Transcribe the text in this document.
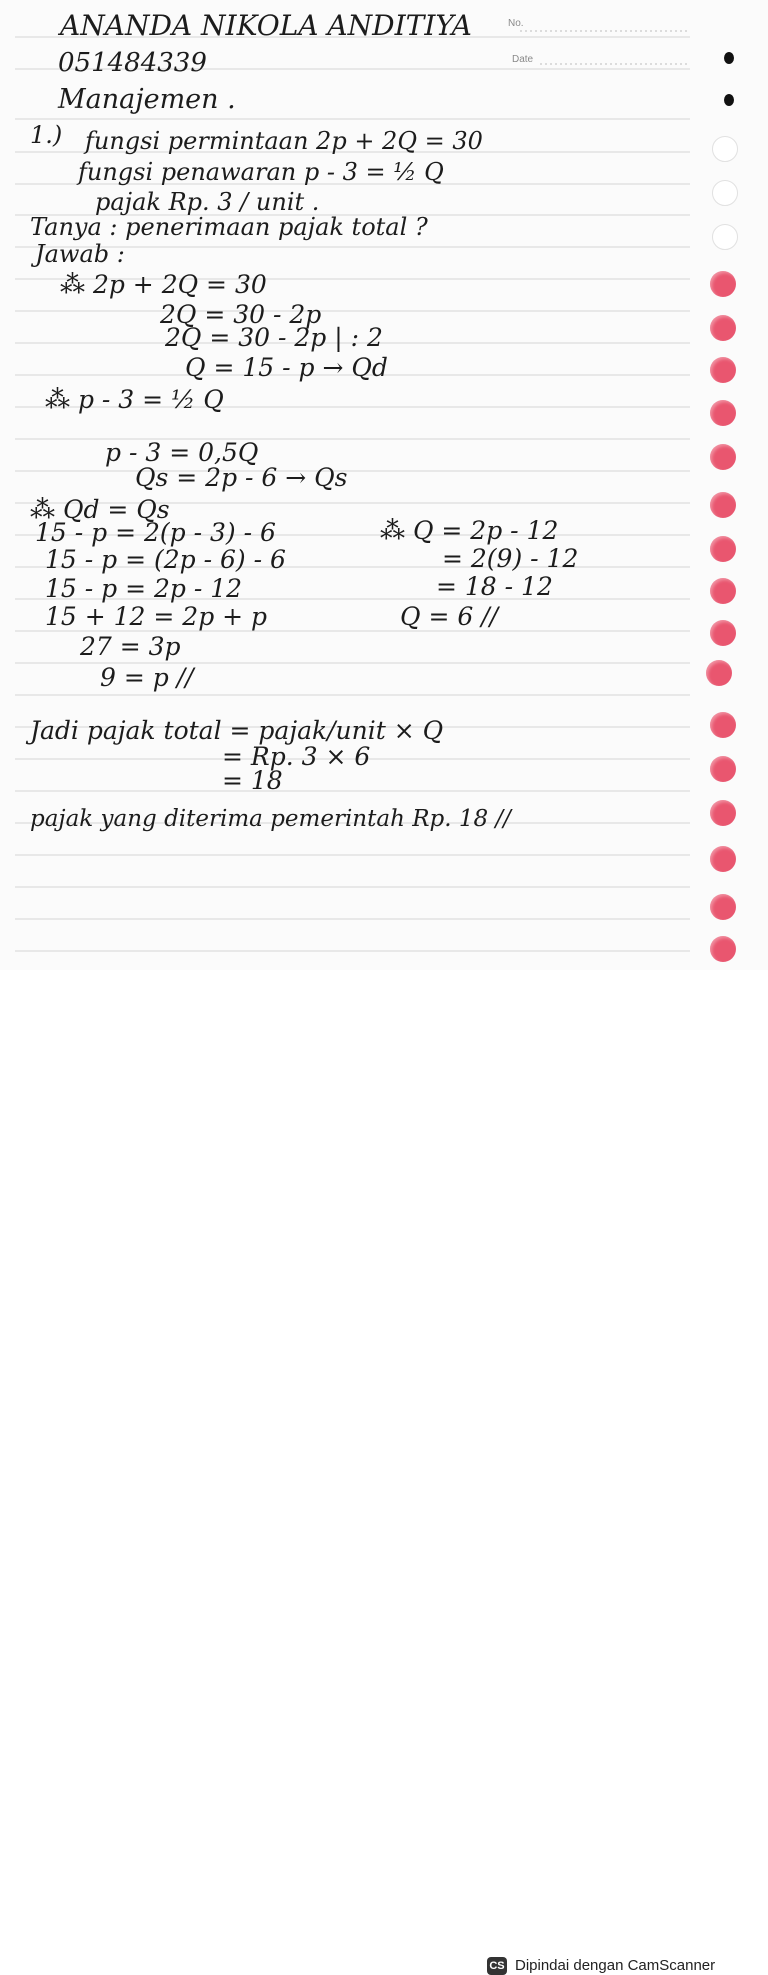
No.
Date
ANANDA NIKOLA ANDITIYA
051484339
Manajemen .
1.) fungsi permintaan 2p + 2Q = 30
fungsi penawaran p - 3 = ½ Q
pajak Rp. 3 / unit .
Tanya : penerimaan pajak total ?
Jawab :
⁂ 2p + 2Q = 30
2Q = 30 - 2p
2Q = 30 - 2p | : 2
Q = 15 - p → Qd
⁂ p - 3 = ½ Q
p - 3 = 0,5Q
Qs = 2p - 6 → Qs
⁂ Qd = Qs
15 - p = 2(p - 3) - 6
15 - p = (2p - 6) - 6
15 - p = 2p - 12
15 + 12 = 2p + p
27 = 3p
9 = p //
⁂ Q = 2p - 12
= 2(9) - 12
= 18 - 12
Q = 6 //
Jadi pajak total = pajak/unit × Q
= Rp. 3 × 6
= 18
pajak yang diterima pemerintah Rp. 18 //
CS Dipindai dengan CamScanner
